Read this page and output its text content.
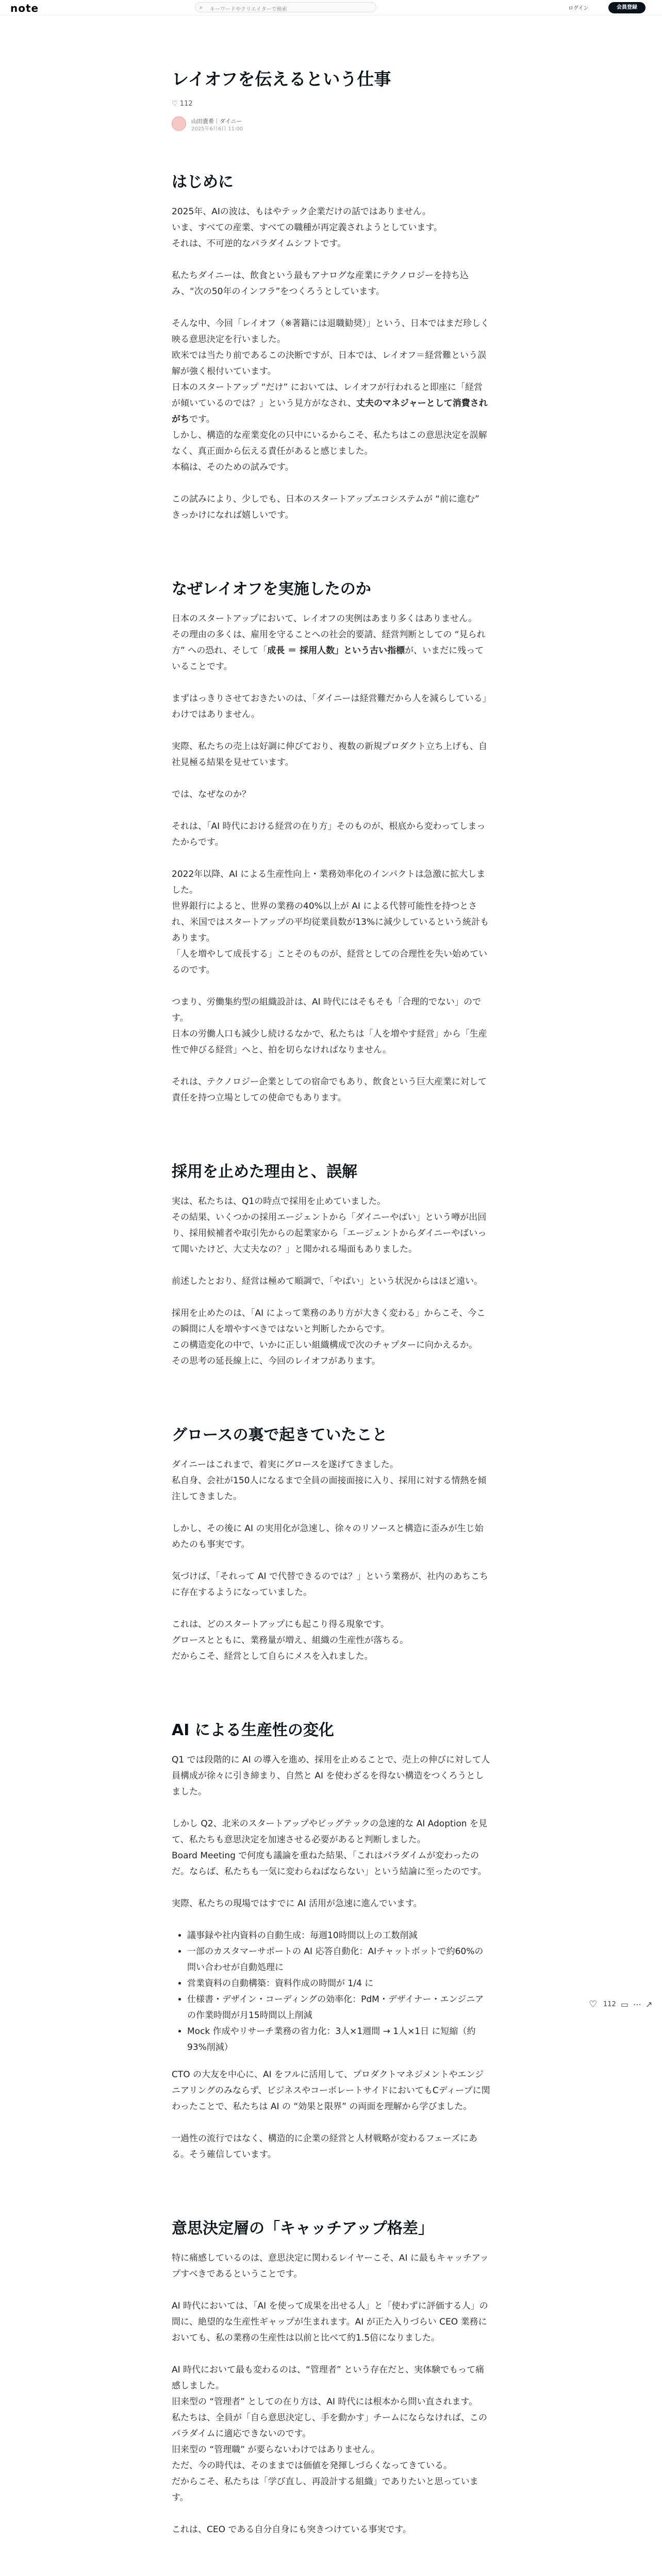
note	⌕ キーワードやクリエイターで検索	ログイン	会員登録
レイオフを伝えるという仕事
♡ 112
山田貴希｜ダイニー
2025年6月6日 11:00
はじめに

2025年、AIの波は、もはやテック企業だけの話ではありません。
いま、すべての産業、すべての職種が再定義されようとしています。
それは、不可逆的なパラダイムシフトです。

私たちダイニーは、飲食という最もアナログな産業にテクノロジーを持ち込み、“次の50年のインフラ”をつくろうとしています。

そんな中、今回「レイオフ（※著籍には退職勧奨）」という、日本ではまだ珍しく映る意思決定を行いました。
欧米では当たり前であるこの決断ですが、日本では、レイオフ＝経営難という誤解が強く根付いています。
日本のスタートアップ “だけ” においては、レイオフが行われると即座に「経営が傾いているのでは？」という見方がなされ、丈夫のマネジャーとして消費されがちです。
しかし、構造的な産業変化の只中にいるからこそ、私たちはこの意思決定を誤解なく、真正面から伝える責任があると感じました。
本稿は、そのための試みです。

この試みにより、少しでも、日本のスタートアップエコシステムが “前に進む” きっかけになれば嬉しいです。

なぜレイオフを実施したのか

日本のスタートアップにおいて、レイオフの実例はあまり多くはありません。
その理由の多くは、雇用を守ることへの社会的要請、経営判断としての “見られ方” への恐れ、そして「成長 ＝ 採用人数」という古い指標が、いまだに残っていることです。

まずはっきりさせておきたいのは、「ダイニーは経営難だから人を減らしている」わけではありません。

実際、私たちの売上は好調に伸びており、複数の新規プロダクト立ち上げも、自社見極る結果を見せています。

では、なぜなのか？

それは、「AI 時代における経営の在り方」そのものが、根底から変わってしまったからです。

2022年以降、AI による生産性向上・業務効率化のインパクトは急激に拡大しました。
世界銀行によると、世界の業務の40%以上が AI による代替可能性を持つとされ、米国ではスタートアップの平均従業員数が13%に減少しているという統計もあります。
「人を増やして成長する」ことそのものが、経営としての合理性を失い始めているのです。

つまり、労働集約型の組織設計は、AI 時代にはそもそも「合理的でない」のです。
日本の労働人口も減少し続けるなかで、私たちは「人を増やす経営」から「生産性で伸びる経営」へと、拍を切らなければなりません。

それは、テクノロジー企業としての宿命でもあり、飲食という巨大産業に対して責任を持つ立場としての使命でもあります。

採用を止めた理由と、誤解

実は、私たちは、Q1の時点で採用を止めていました。
その結果、いくつかの採用エージェントから「ダイニーやばい」という噂が出回り、採用候補者や取引先からの起業家から「エージェントからダイニーやばいって聞いたけど、大丈夫なの？」と聞かれる場面もありました。

前述したとおり、経営は極めて順調で、「やばい」という状況からはほど遠い。

採用を止めたのは、「AI によって業務のあり方が大きく変わる」からこそ、今この瞬間に人を増やすべきではないと判断したからです。
この構造変化の中で、いかに正しい組織構成で次のチャプターに向かえるか。
その思考の延長線上に、今回のレイオフがあります。

グロースの裏で起きていたこと

ダイニーはこれまで、着実にグロースを遂げてきました。
私自身、会社が150人になるまで全員の面接面接に入り、採用に対する情熱を傾注してきました。

しかし、その後に AI の実用化が急速し、徐々のリソースと構造に歪みが生じ始めたのも事実です。

気づけば、「それって AI で代替できるのでは？」という業務が、社内のあちこちに存在するようになっていました。

これは、どのスタートアップにも起こり得る現象です。
グロースとともに、業務量が増え、組織の生産性が落ちる。
だからこそ、経営として自らにメスを入れました。

AI による生産性の変化

Q1 では段階的に AI の導入を進め、採用を止めることで、売上の伸びに対して人員構成が徐々に引き締まり、自然と AI を使わざるを得ない構造をつくろうとしました。

しかし Q2、北米のスタートアップやビッグテックの急速的な AI Adoption を見て、私たちも意思決定を加速させる必要があると判断しました。
Board Meeting で何度も議論を重ねた結果、「これはパラダイムが変わったのだ。ならば、私たちも一気に変わらねばならない」という結論に至ったのです。

実際、私たちの現場ではすでに AI 活用が急速に進んでいます。

• 議事録や社内資料の自動生成：毎週10時間以上の工数削減
• 一部のカスタマーサポートの AI 応答自動化：AIチャットボットで約60%の問い合わせが自動処理に
• 営業資料の自動構築：資料作成の時間が 1/4 に
• 仕様書・デザイン・コーディングの効率化：PdM・デザイナー・エンジニアの作業時間が月15時間以上削減
• Mock 作成やリサーチ業務の省力化：3人×1週間 → 1人×1日 に短縮（約93%削減）

CTO の大友を中心に、AI をフルに活用して、プロダクトマネジメントやエンジニアリングのみならず、ビジネスやコーポレートサイドにおいてもCディープに関わったことで、私たちは AI の “効果と限界” の両面を理解から学びました。

一過性の流行ではなく、構造的に企業の経営と人材戦略が変わるフェーズにある。そう確信しています。

意思決定層の「キャッチアップ格差」

特に痛感しているのは、意思決定に関わるレイヤーこそ、AI に最もキャッチアップすべきであるということです。

AI 時代においては、「AI を使って成果を出せる人」と「使わずに評価する人」の間に、絶望的な生産性ギャップが生まれます。AI が正た入りづらい CEO 業務においても、私の業務の生産性は以前と比べて約1.5倍になりました。

AI 時代において最も変わるのは、“管理者” という存在だと、実体験でもって痛感しました。
旧来型の “管理者” としての在り方は、AI 時代には根本から問い直されます。
私たちは、全員が「自ら意思決定し、手を動かす」チームにならなければ、このパラダイムに適応できないのです。
旧来型の “管理職” が要らないわけではありません。
ただ、今の時代は、そのままでは価値を発揮しづらくなってきている。
だからこそ、私たちは「学び直し、再設計する組織」でありたいと思っています。

これは、CEO である自分自身にも突きつけている事実です。

♡ 112 ▭ ⋯ ↗
